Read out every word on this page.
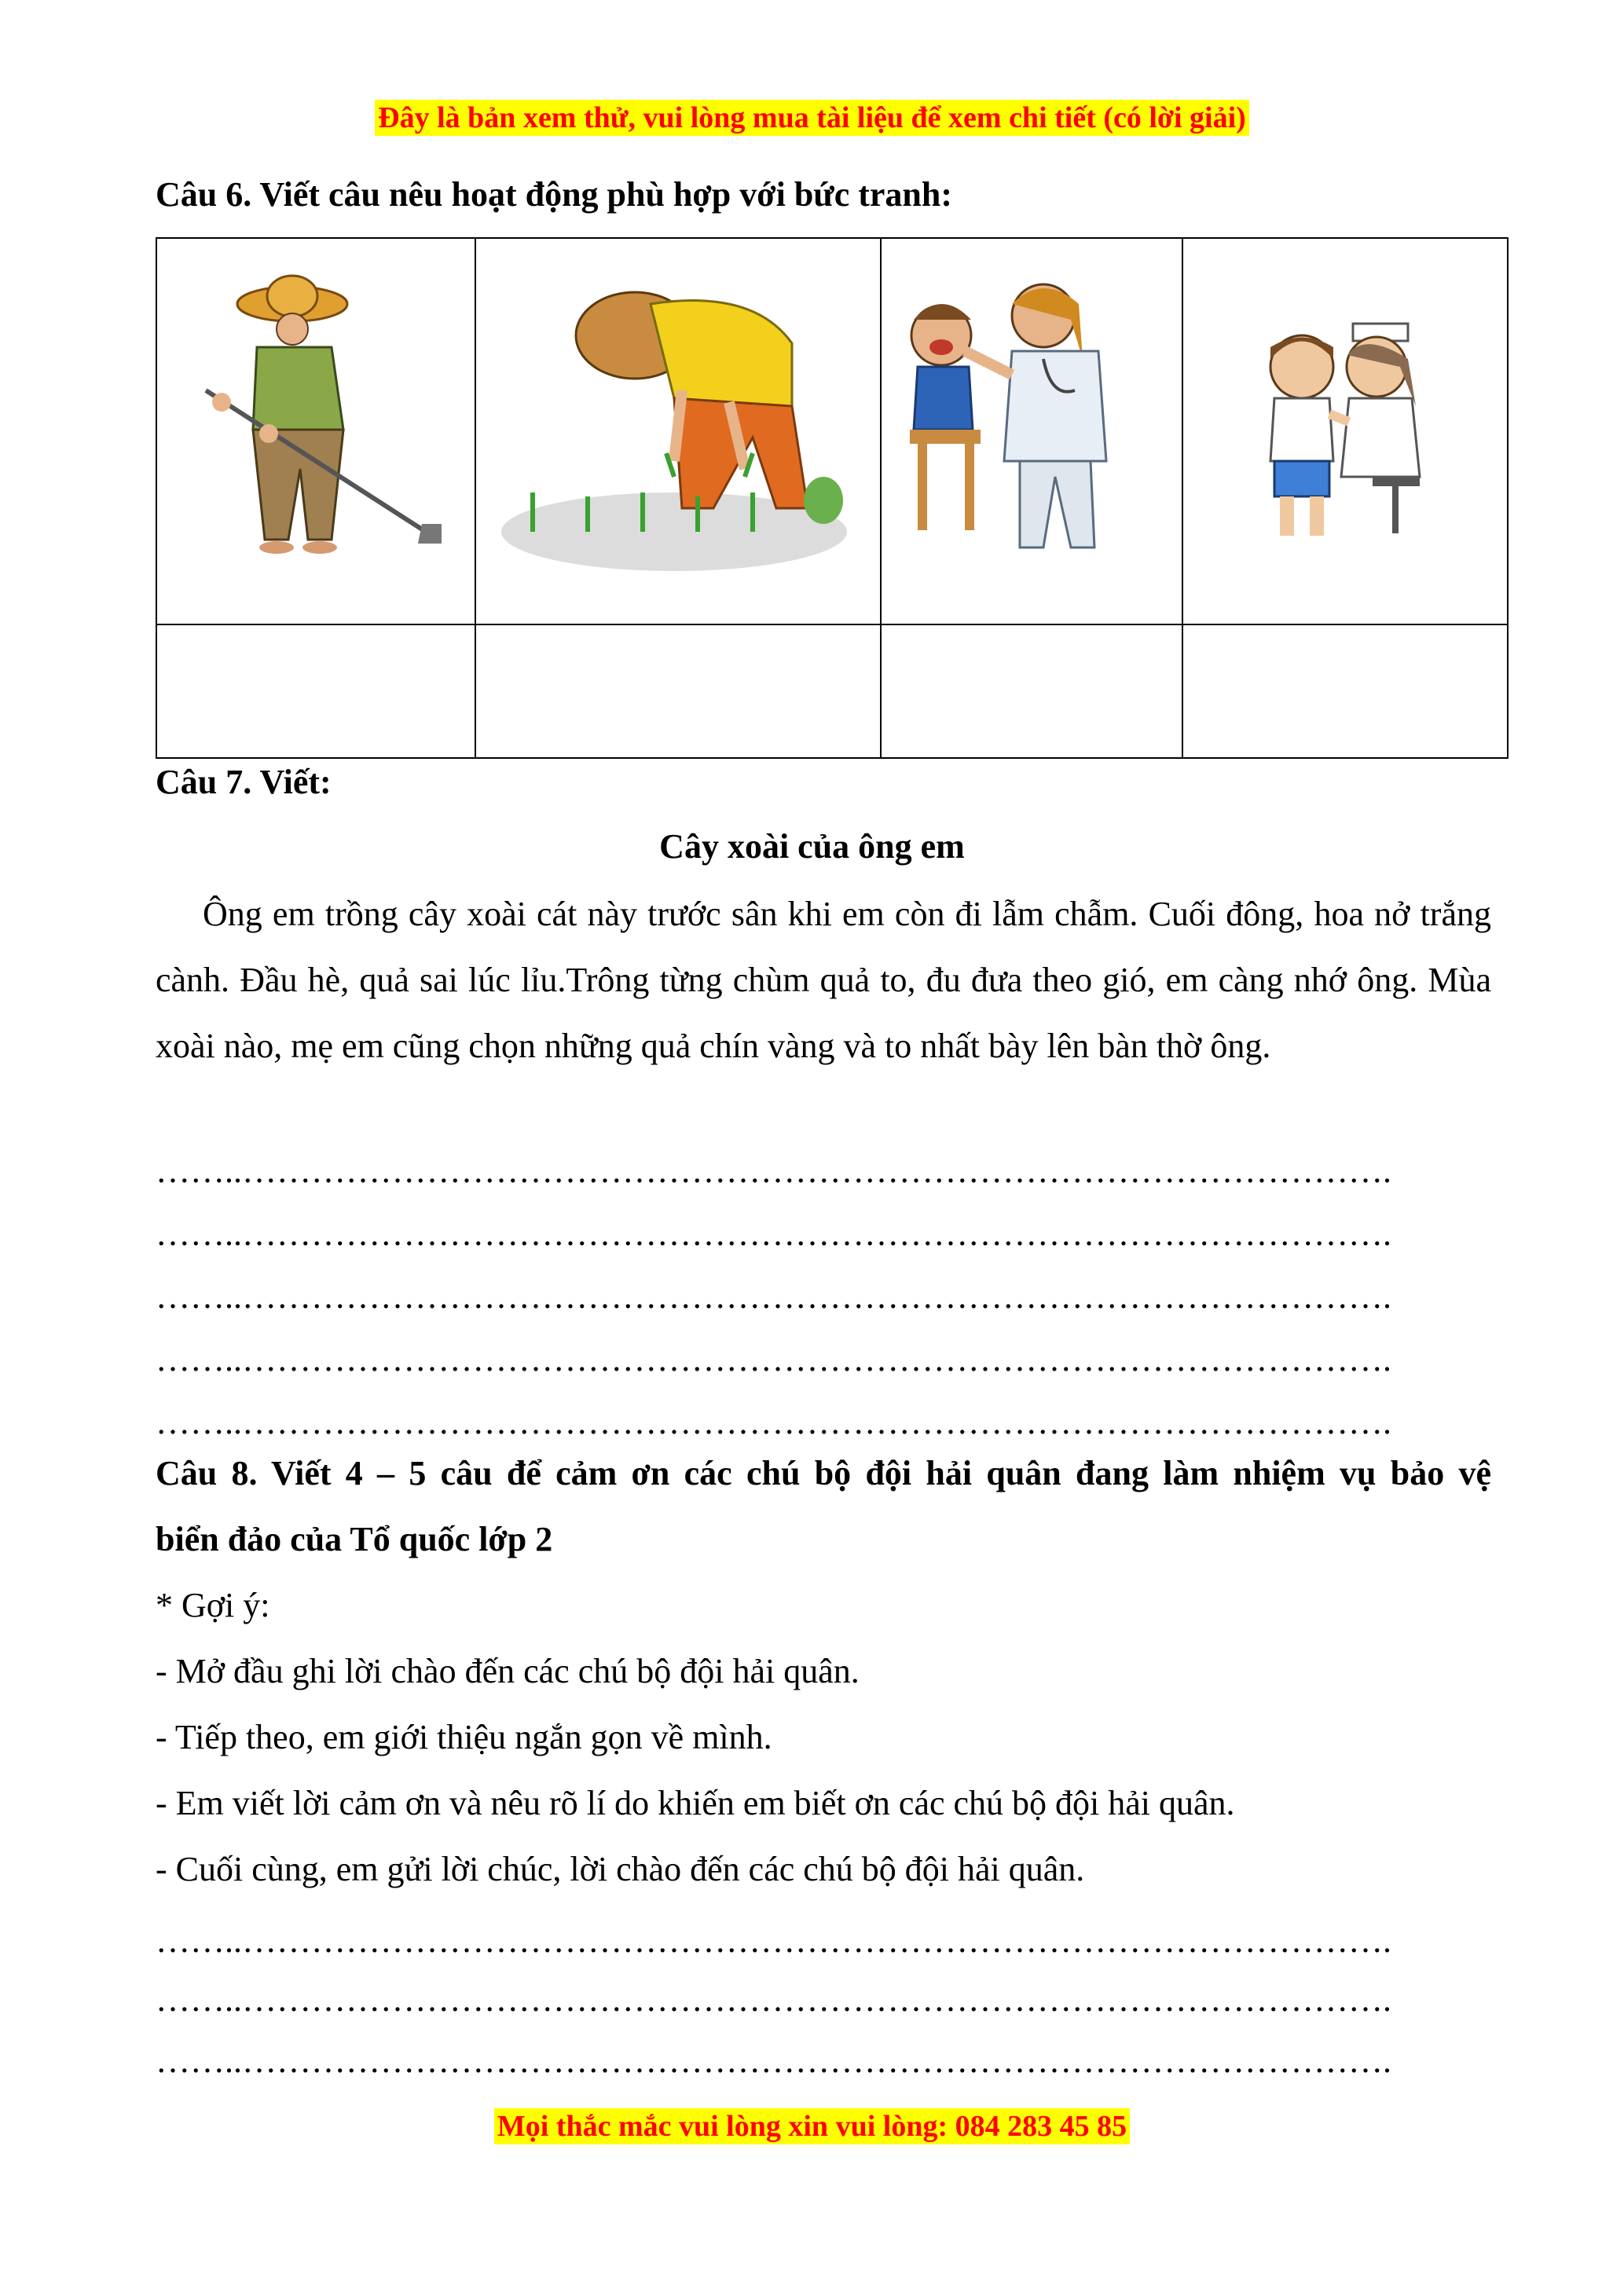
Đây là bản xem thử, vui lòng mua tài liệu để xem chi tiết (có lời giải)
Câu 6. Viết câu nêu hoạt động phù hợp với bức tranh:

Câu 7. Viết:
Cây xoài của ông em
Ông em trồng cây xoài cát này trước sân khi em còn đi lẫm chẫm. Cuối đông, hoa nở trắng cành. Đầu hè, quả sai lúc lỉu.Trông từng chùm quả to, đu đưa theo gió, em càng nhớ ông. Mùa xoài nào, mẹ em cũng chọn những quả chín vàng và to nhất bày lên bàn thờ ông.
……..……………………………………………………………………………………….
……..……………………………………………………………………………………….
……..……………………………………………………………………………………….
……..……………………………………………………………………………………….
……..……………………………………………………………………………………….
Câu 8. Viết 4 – 5 câu để cảm ơn các chú bộ đội hải quân đang làm nhiệm vụ bảo vệ
biển đảo của Tổ quốc lớp 2
* Gợi ý:
- Mở đầu ghi lời chào đến các chú bộ đội hải quân.
- Tiếp theo, em giới thiệu ngắn gọn về mình.
- Em viết lời cảm ơn và nêu rõ lí do khiến em biết ơn các chú bộ đội hải quân.
- Cuối cùng, em gửi lời chúc, lời chào đến các chú bộ đội hải quân.
……..……………………………………………………………………………………….
……..……………………………………………………………………………………….
……..……………………………………………………………………………………….
Mọi thắc mắc vui lòng xin vui lòng: 084 283 45 85
